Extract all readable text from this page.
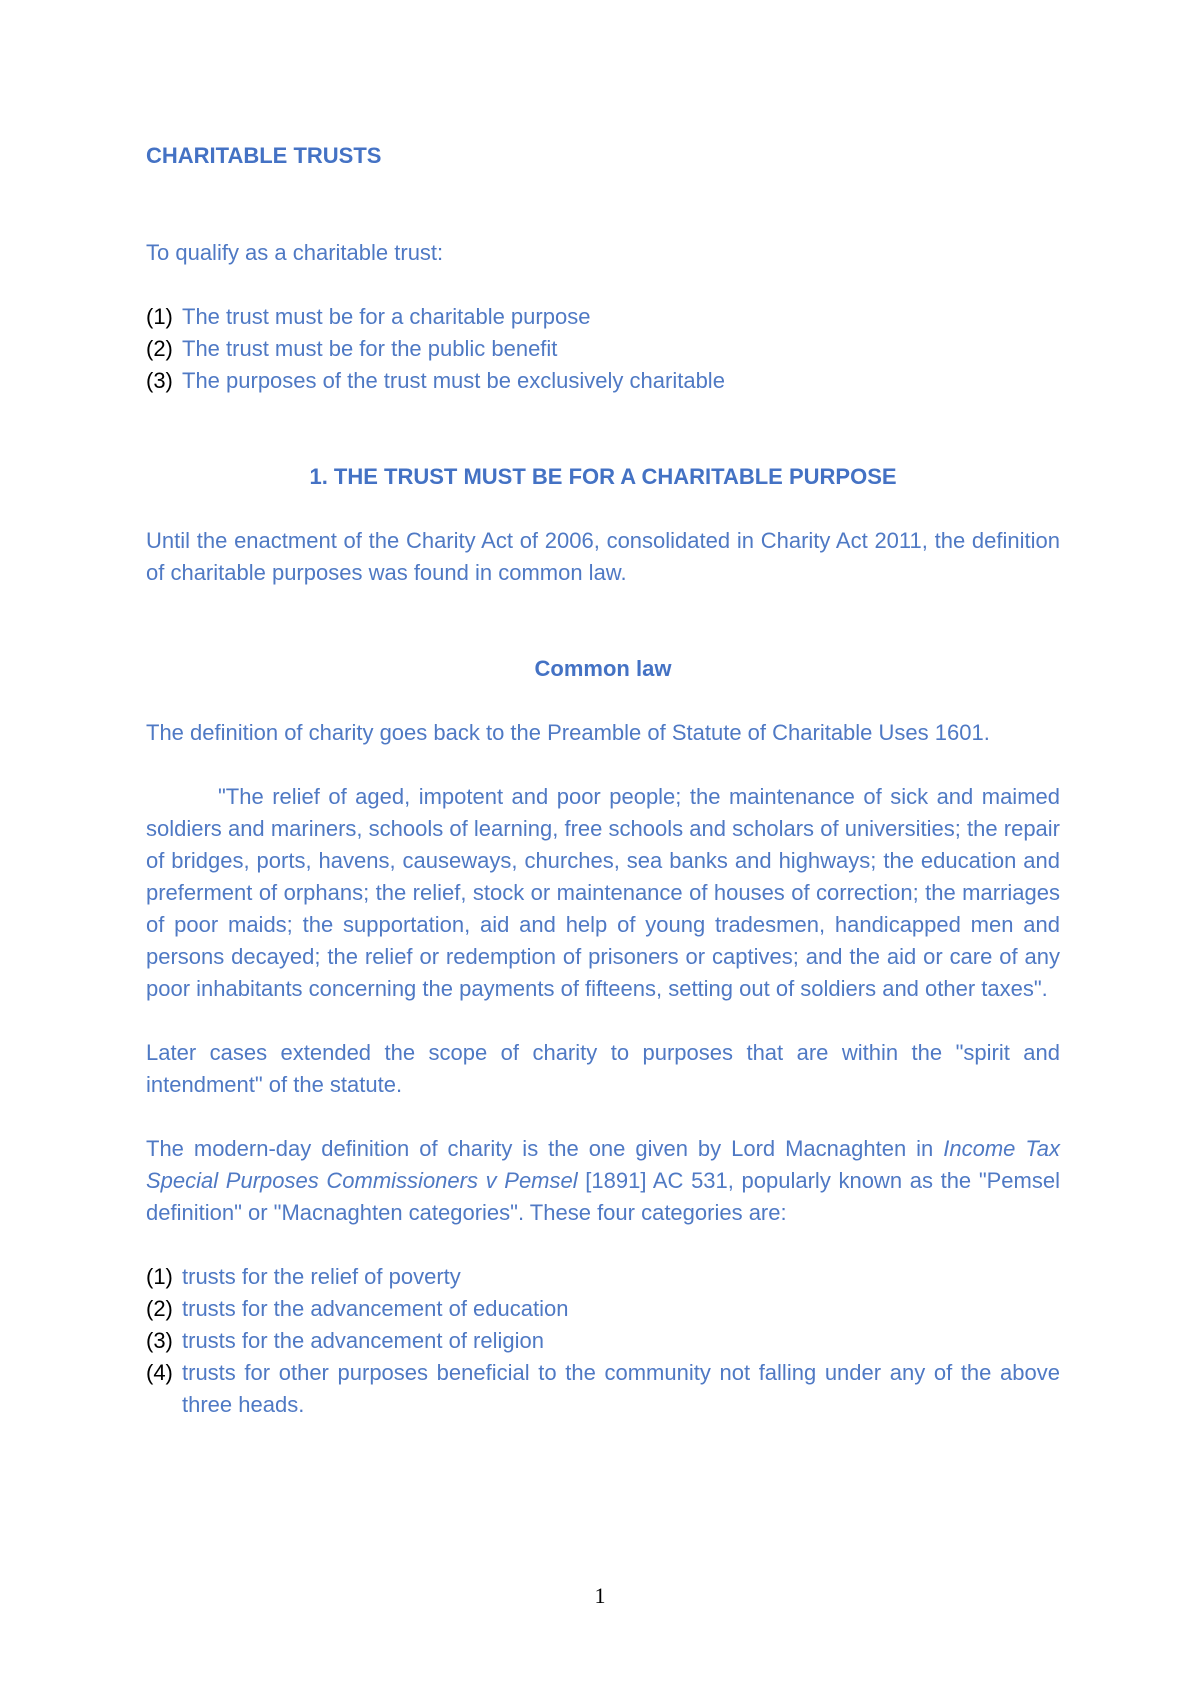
CHARITABLE TRUSTS

To qualify as a charitable trust:

(1) The trust must be for a charitable purpose
(2) The trust must be for the public benefit
(3) The purposes of the trust must be exclusively charitable

1. THE TRUST MUST BE FOR A CHARITABLE PURPOSE

Until the enactment of the Charity Act of 2006, consolidated in Charity Act 2011, the definition of charitable purposes was found in common law.

Common law

The definition of charity goes back to the Preamble of Statute of Charitable Uses 1601.

"The relief of aged, impotent and poor people; the maintenance of sick and maimed soldiers and mariners, schools of learning, free schools and scholars of universities; the repair of bridges, ports, havens, causeways, churches, sea banks and highways; the education and preferment of orphans; the relief, stock or maintenance of houses of correction; the marriages of poor maids; the supportation, aid and help of young tradesmen, handicapped men and persons decayed; the relief or redemption of prisoners or captives; and the aid or care of any poor inhabitants concerning the payments of fifteens, setting out of soldiers and other taxes".

Later cases extended the scope of charity to purposes that are within the "spirit and intendment" of the statute.

The modern-day definition of charity is the one given by Lord Macnaghten in Income Tax Special Purposes Commissioners v Pemsel [1891] AC 531, popularly known as the "Pemsel definition" or "Macnaghten categories". These four categories are:

(1) trusts for the relief of poverty
(2) trusts for the advancement of education
(3) trusts for the advancement of religion
(4) trusts for other purposes beneficial to the community not falling under any of the above three heads.
1
